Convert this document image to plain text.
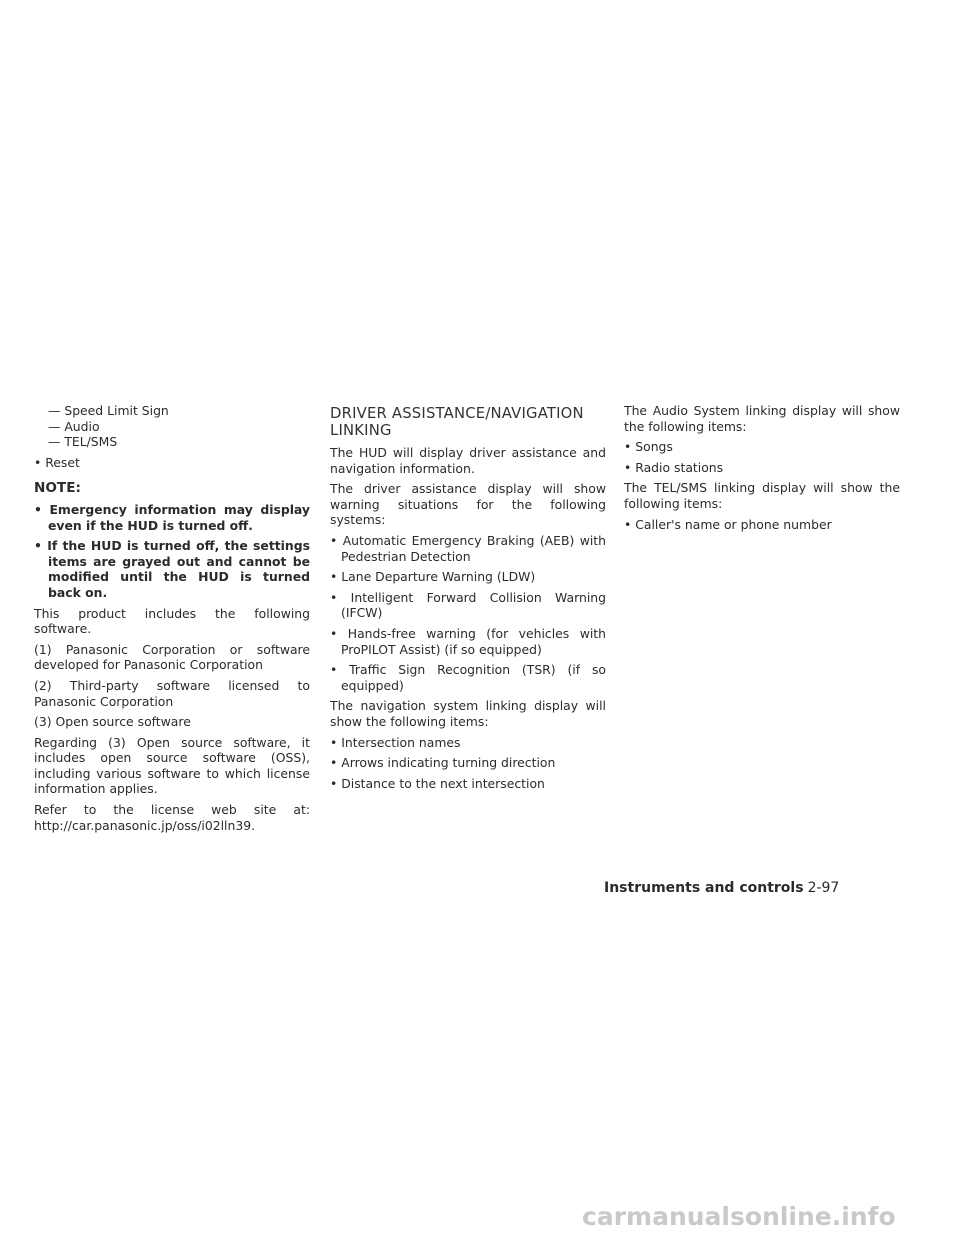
— Speed Limit Sign

— Audio

— TEL/SMS

• Reset

NOTE:

• Emergency information may display even if the HUD is turned off.

• If the HUD is turned off, the settings items are grayed out and cannot be modified until the HUD is turned back on.

This product includes the following software.

(1) Panasonic Corporation or software developed for Panasonic Corporation

(2) Third-party software licensed to Panasonic Corporation

(3) Open source software

Regarding (3) Open source software, it includes open source software (OSS), including various software to which license information applies.

Refer to the license web site at: http://car.panasonic.jp/oss/i02lln39.

DRIVER ASSISTANCE/NAVIGATION LINKING

The HUD will display driver assistance and navigation information.

The driver assistance display will show warning situations for the following systems:

• Automatic Emergency Braking (AEB) with Pedestrian Detection

• Lane Departure Warning (LDW)

• Intelligent Forward Collision Warning (IFCW)

• Hands-free warning (for vehicles with ProPILOT Assist) (if so equipped)

• Traffic Sign Recognition (TSR) (if so equipped)

The navigation system linking display will show the following items:

• Intersection names

• Arrows indicating turning direction

• Distance to the next intersection

The Audio System linking display will show the following items:

• Songs

• Radio stations

The TEL/SMS linking display will show the following items:

• Caller's name or phone number

Instruments and controls 2-97
carmanualsonline.info
